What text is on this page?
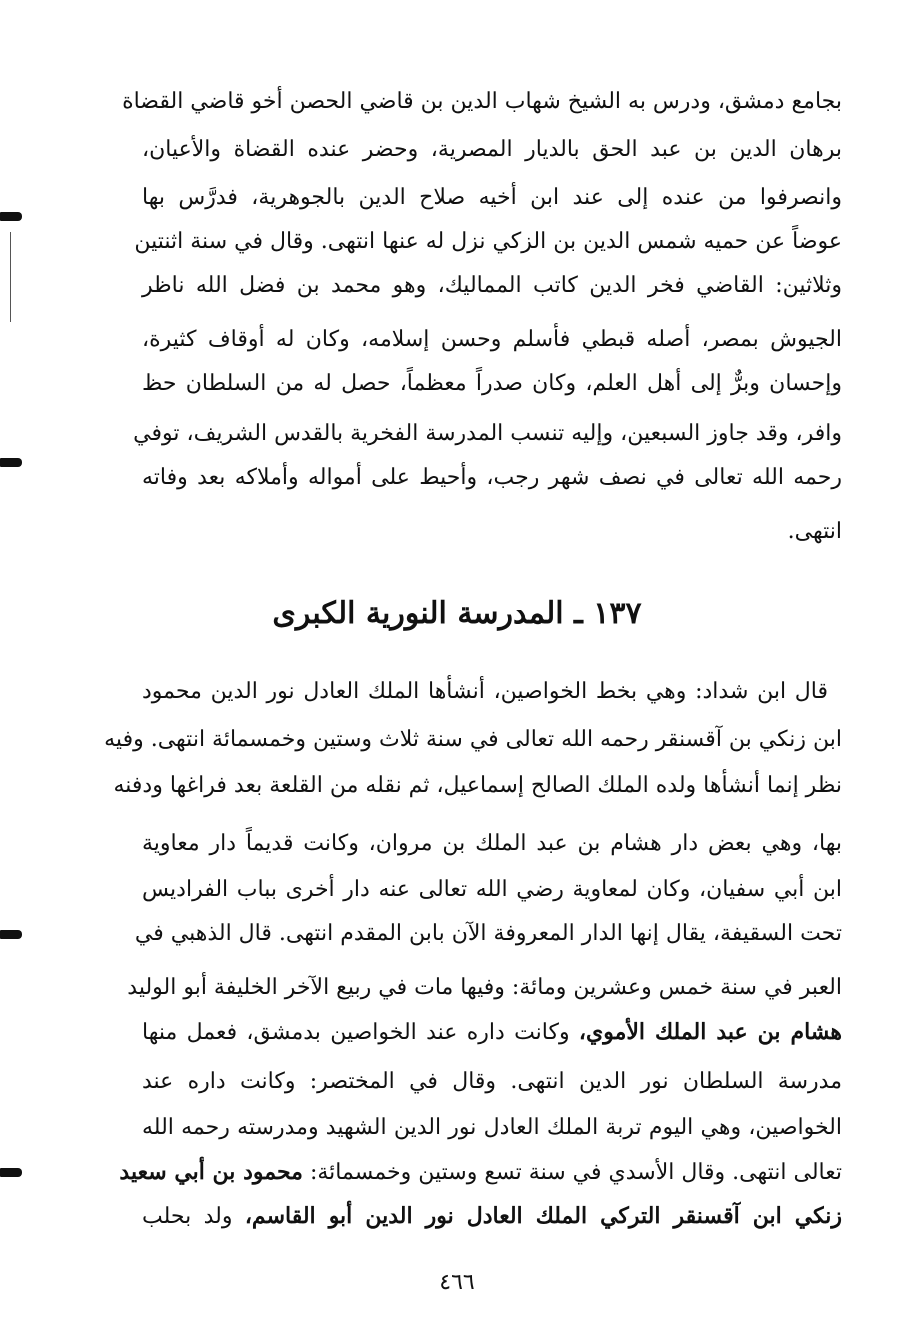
بجامع دمشق، ودرس به الشيخ شهاب الدين بن قاضي الحصن أخو قاضي القضاة
برهان الدين بن عبد الحق بالديار المصرية، وحضر عنده القضاة والأعيان،
وانصرفوا من عنده إلى عند ابن أخيه صلاح الدين بالجوهرية، فدرَّس بها
عوضاً عن حميه شمس الدين بن الزكي نزل له عنها انتهى. وقال في سنة اثنتين
وثلاثين: القاضي فخر الدين كاتب المماليك، وهو محمد بن فضل الله ناظر
الجيوش بمصر، أصله قبطي فأسلم وحسن إسلامه، وكان له أوقاف كثيرة،
وإحسان وبرٌّ إلى أهل العلم، وكان صدراً معظماً، حصل له من السلطان حظ
وافر، وقد جاوز السبعين، وإليه تنسب المدرسة الفخرية بالقدس الشريف، توفي
رحمه الله تعالى في نصف شهر رجب، وأحيط على أمواله وأملاكه بعد وفاته
انتهى.
١٣٧ ـ المدرسة النورية الكبرى
قال ابن شداد: وهي بخط الخواصين، أنشأها الملك العادل نور الدين محمود
ابن زنكي بن آقسنقر رحمه الله تعالى في سنة ثلاث وستين وخمسمائة انتهى. وفيه
نظر إنما أنشأها ولده الملك الصالح إسماعيل، ثم نقله من القلعة بعد فراغها ودفنه
بها، وهي بعض دار هشام بن عبد الملك بن مروان، وكانت قديماً دار معاوية
ابن أبي سفيان، وكان لمعاوية رضي الله تعالى عنه دار أخرى بباب الفراديس
تحت السقيفة، يقال إنها الدار المعروفة الآن بابن المقدم انتهى. قال الذهبي في
العبر في سنة خمس وعشرين ومائة: وفيها مات في ربيع الآخر الخليفة أبو الوليد
هشام بن عبد الملك الأموي، وكانت داره عند الخواصين بدمشق، فعمل منها
مدرسة السلطان نور الدين انتهى. وقال في المختصر: وكانت داره عند
الخواصين، وهي اليوم تربة الملك العادل نور الدين الشهيد ومدرسته رحمه الله
تعالى انتهى. وقال الأسدي في سنة تسع وستين وخمسمائة: محمود بن أبي سعيد
زنكي ابن آقسنقر التركي الملك العادل نور الدين أبو القاسم، ولد بحلب
٤٦٦
